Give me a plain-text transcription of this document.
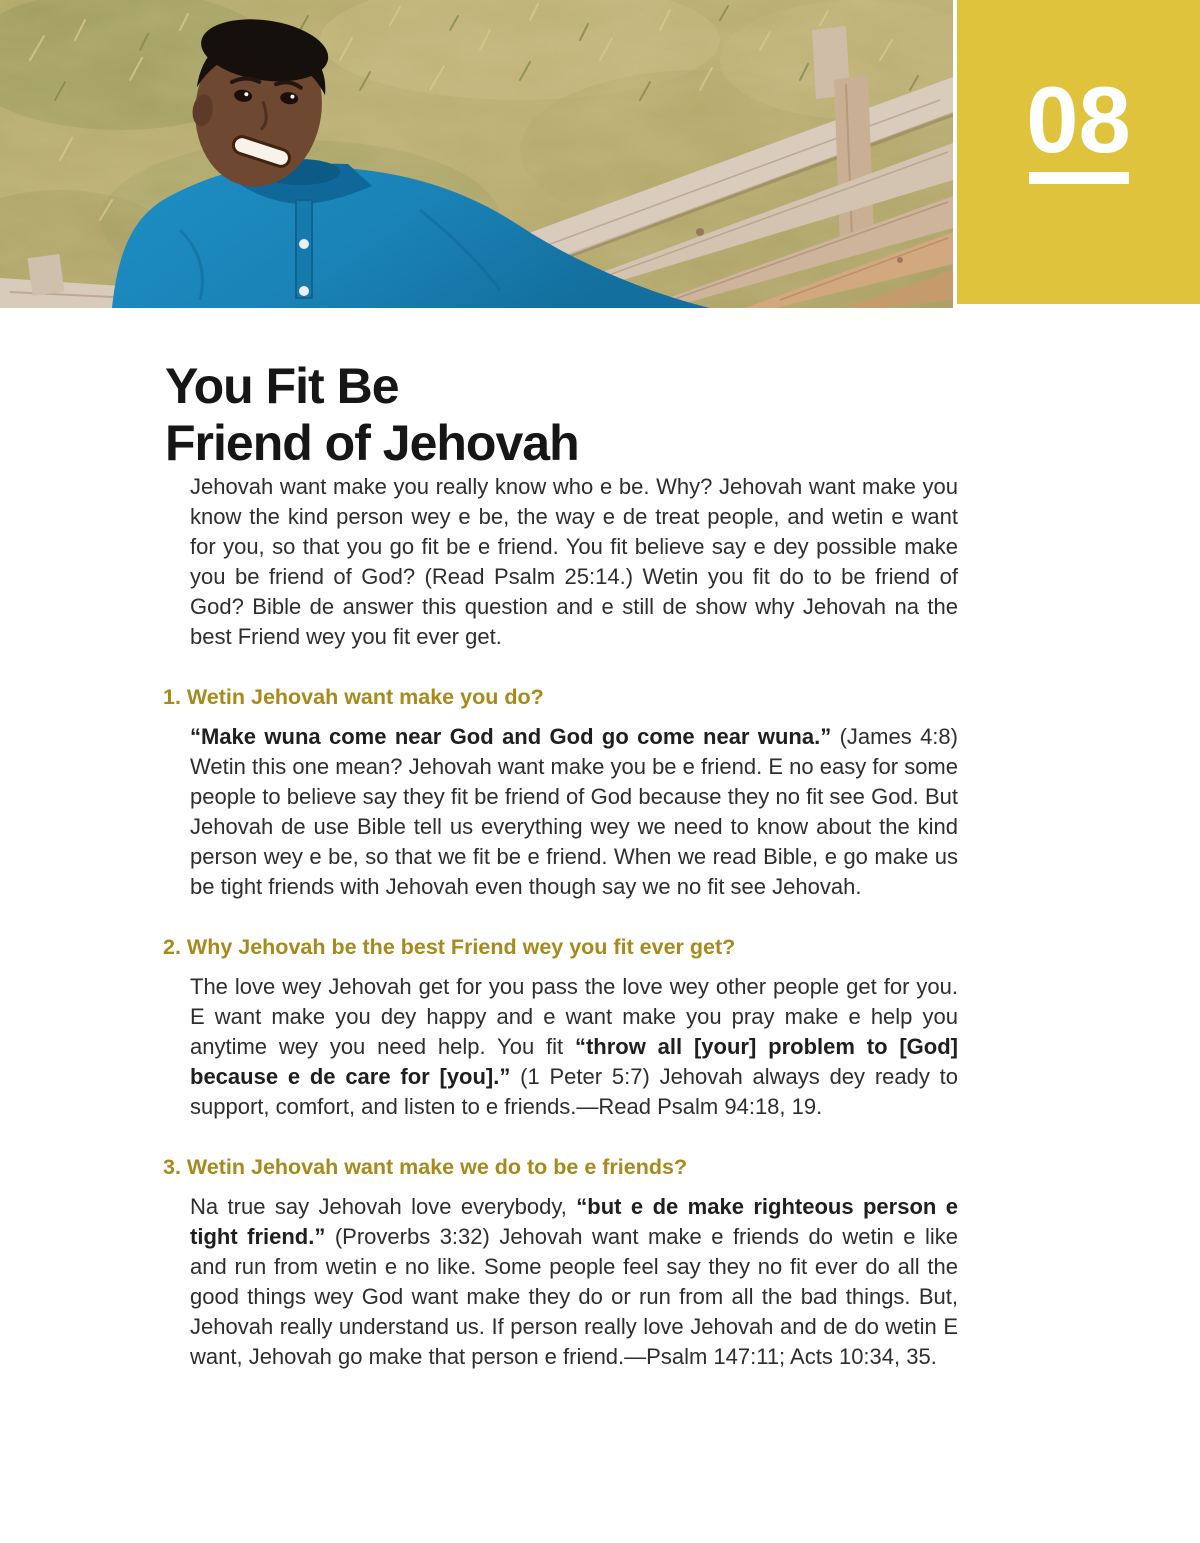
08
You Fit Be
Friend of Jehovah

Jehovah want make you really know who e be. Why? Jehovah want make you know the kind person wey e be, the way e de treat people, and wetin e want for you, so that you go fit be e friend. You fit believe say e dey possible make you be friend of God? (Read Psalm 25:14.) Wetin you fit do to be friend of God? Bible de answer this question and e still de show why Jehovah na the best Friend wey you fit ever get.

1. Wetin Jehovah want make you do?

“Make wuna come near God and God go come near wuna.” (James 4:8) Wetin this one mean? Jehovah want make you be e friend. E no easy for some people to believe say they fit be friend of God because they no fit see God. But Jehovah de use Bible tell us everything wey we need to know about the kind person wey e be, so that we fit be e friend. When we read Bible, e go make us be tight friends with Jehovah even though say we no fit see Jehovah.

2. Why Jehovah be the best Friend wey you fit ever get?

The love wey Jehovah get for you pass the love wey other people get for you. E want make you dey happy and e want make you pray make e help you anytime wey you need help. You fit “throw all [your] problem to [God] because e de care for [you].” (1 Peter 5:7) Jehovah always dey ready to support, comfort, and listen to e friends.—Read Psalm 94:18, 19.

3. Wetin Jehovah want make we do to be e friends?

Na true say Jehovah love everybody, “but e de make righteous person e tight friend.” (Proverbs 3:32) Jehovah want make e friends do wetin e like and run from wetin e no like. Some people feel say they no fit ever do all the good things wey God want make they do or run from all the bad things. But, Jehovah really understand us. If person really love Jehovah and de do wetin E want, Jehovah go make that person e friend.—Psalm 147:11; Acts 10:34, 35.
